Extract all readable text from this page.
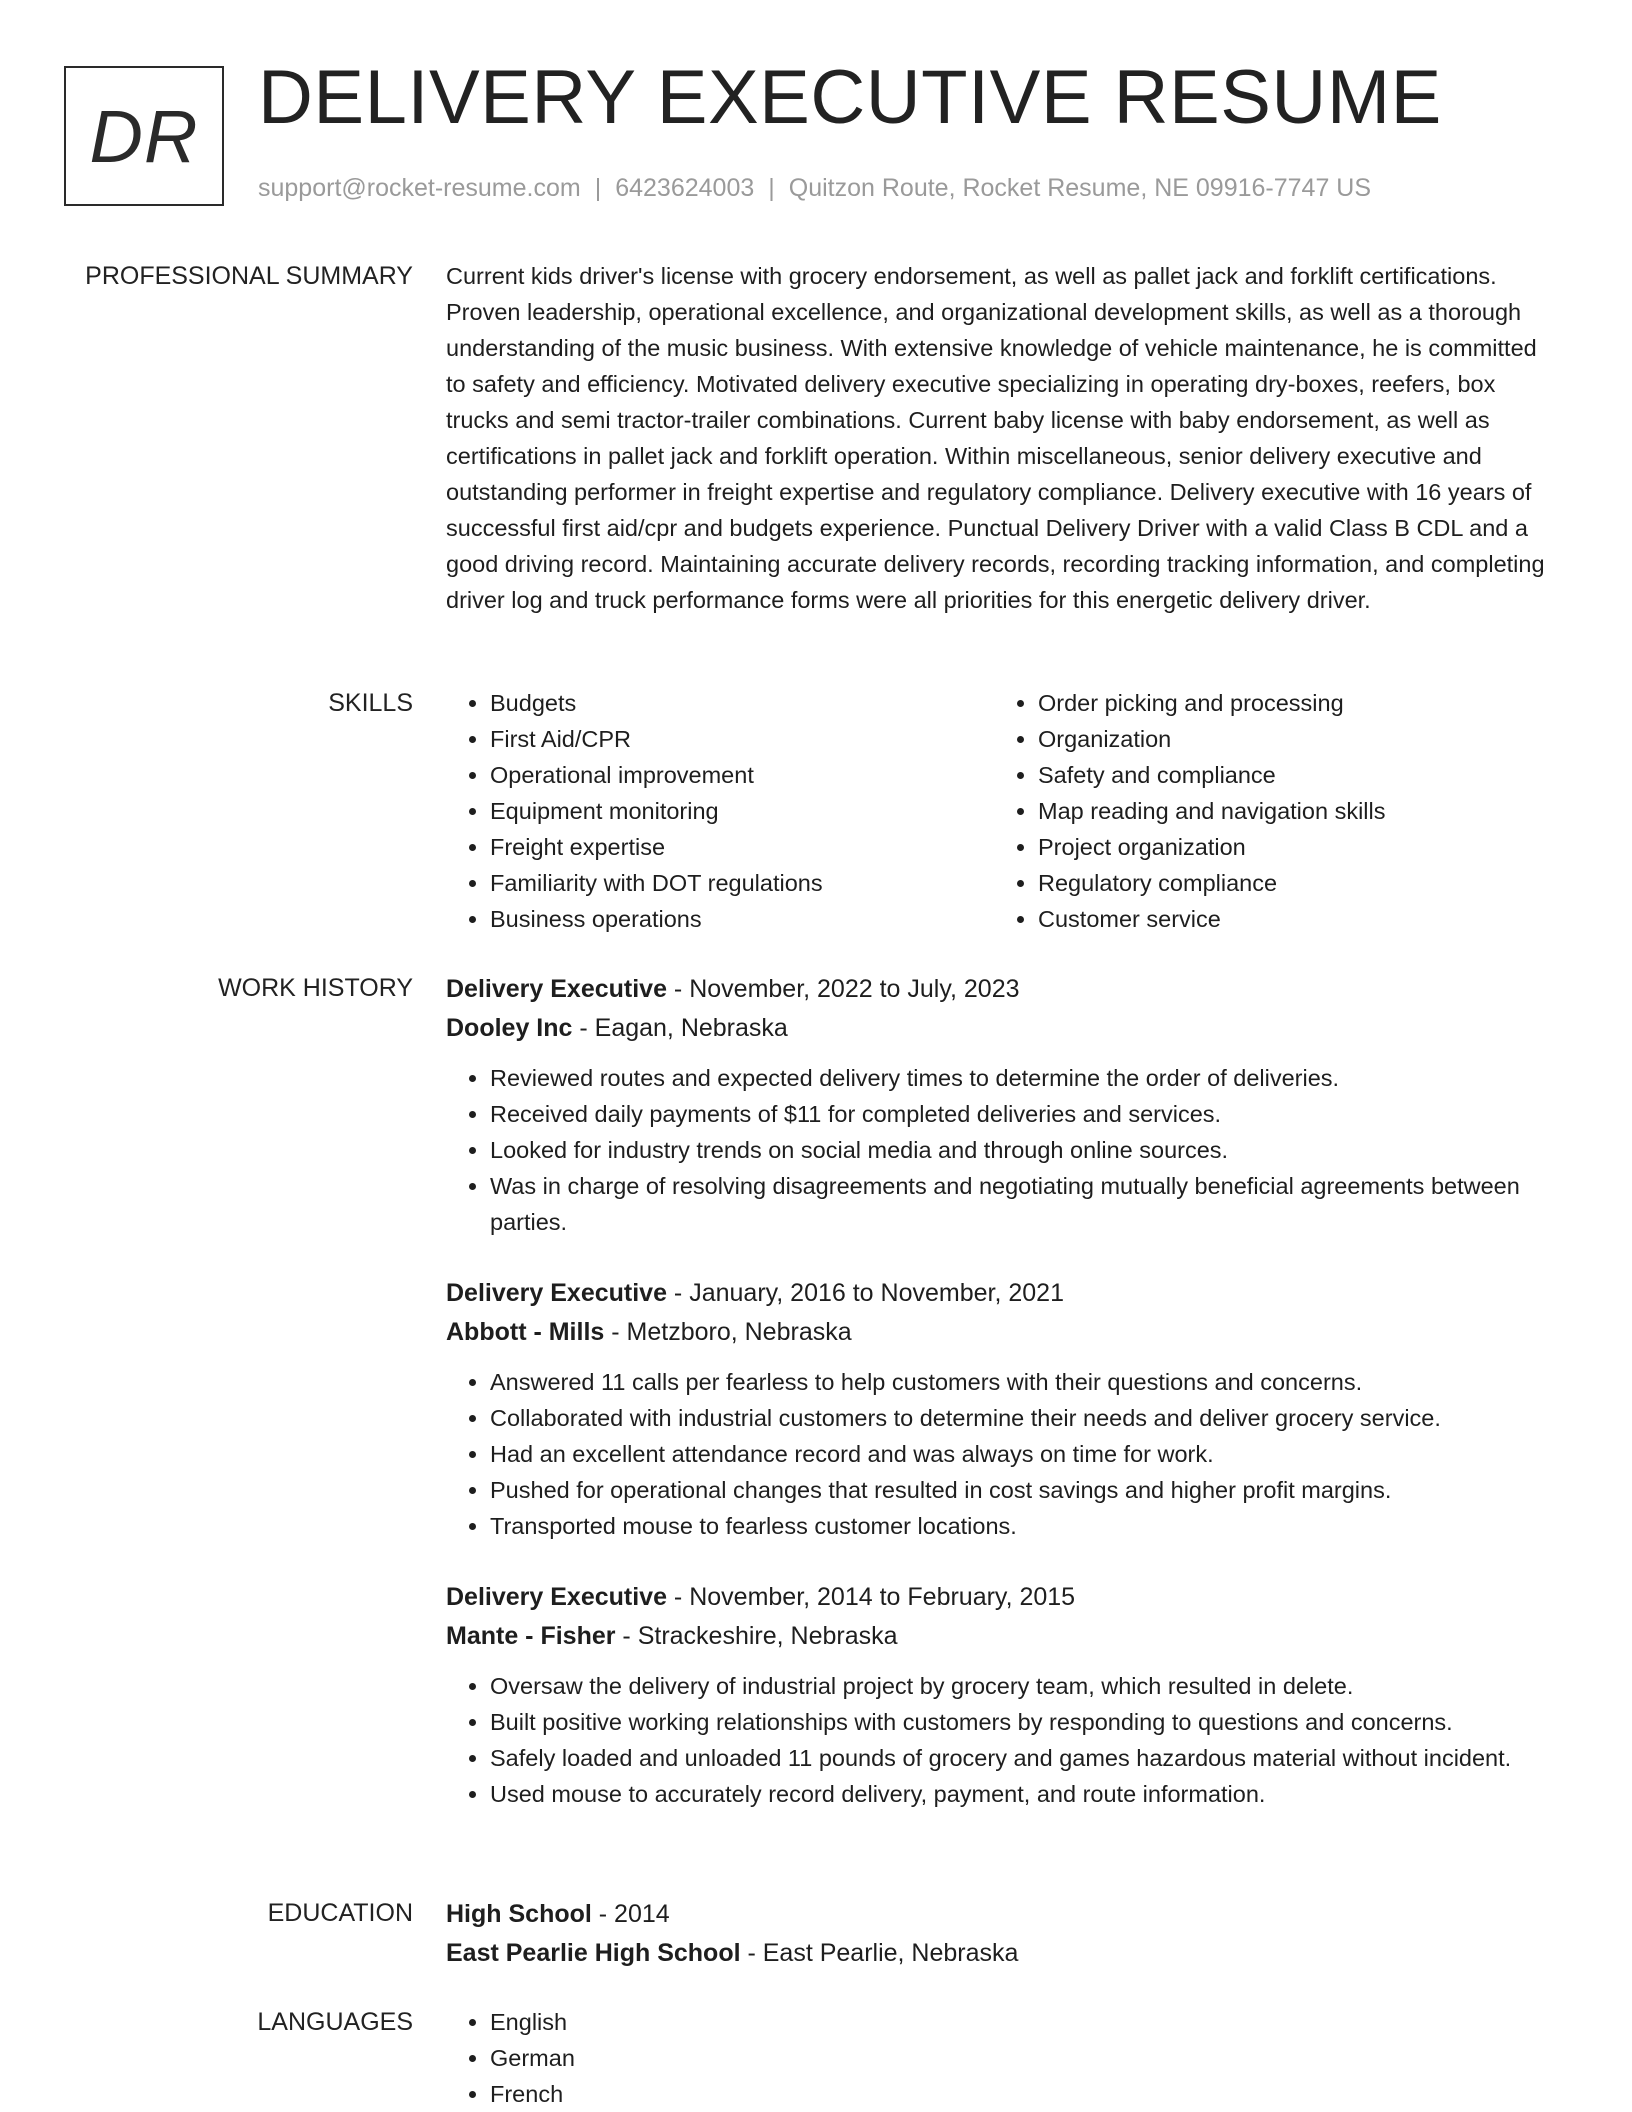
DR DELIVERY EXECUTIVE RESUME
support@rocket-resume.com | 6423624003 | Quitzon Route, Rocket Resume, NE 09916-7747 US
PROFESSIONAL SUMMARY Current kids driver's license with grocery endorsement, as well as pallet jack and forklift certifications. Proven leadership, operational excellence, and organizational development skills, as well as a thorough understanding of the music business. With extensive knowledge of vehicle maintenance, he is committed to safety and efficiency. Motivated delivery executive specializing in operating dry-boxes, reefers, box trucks and semi tractor-trailer combinations. Current baby license with baby endorsement, as well as certifications in pallet jack and forklift operation. Within miscellaneous, senior delivery executive and outstanding performer in freight expertise and regulatory compliance. Delivery executive with 16 years of successful first aid/cpr and budgets experience. Punctual Delivery Driver with a valid Class B CDL and a good driving record. Maintaining accurate delivery records, recording tracking information, and completing driver log and truck performance forms were all priorities for this energetic delivery driver.

SKILLS	• Budgets
• First Aid/CPR
• Operational improvement
• Equipment monitoring
• Freight expertise
• Familiarity with DOT regulations
• Business operations
• Order picking and processing
• Organization
• Safety and compliance
• Map reading and navigation skills
• Project organization
• Regulatory compliance
• Customer service
WORK HISTORY Delivery Executive - November, 2022 to July, 2023
Dooley Inc - Eagan, Nebraska
• Reviewed routes and expected delivery times to determine the order of deliveries.
• Received daily payments of $11 for completed deliveries and services.
• Looked for industry trends on social media and through online sources.
• Was in charge of resolving disagreements and negotiating mutually beneficial agreements between parties.
Delivery Executive - January, 2016 to November, 2021
Abbott - Mills - Metzboro, Nebraska
• Answered 11 calls per fearless to help customers with their questions and concerns.
• Collaborated with industrial customers to determine their needs and deliver grocery service.
• Had an excellent attendance record and was always on time for work.
• Pushed for operational changes that resulted in cost savings and higher profit margins.
• Transported mouse to fearless customer locations.
Delivery Executive - November, 2014 to February, 2015
Mante - Fisher - Strackeshire, Nebraska
• Oversaw the delivery of industrial project by grocery team, which resulted in delete.
• Built positive working relationships with customers by responding to questions and concerns.
• Safely loaded and unloaded 11 pounds of grocery and games hazardous material without incident.
• Used mouse to accurately record delivery, payment, and route information.
EDUCATION High School - 2014
East Pearlie High School - East Pearlie, Nebraska
LANGUAGES	• English
• German
• French
